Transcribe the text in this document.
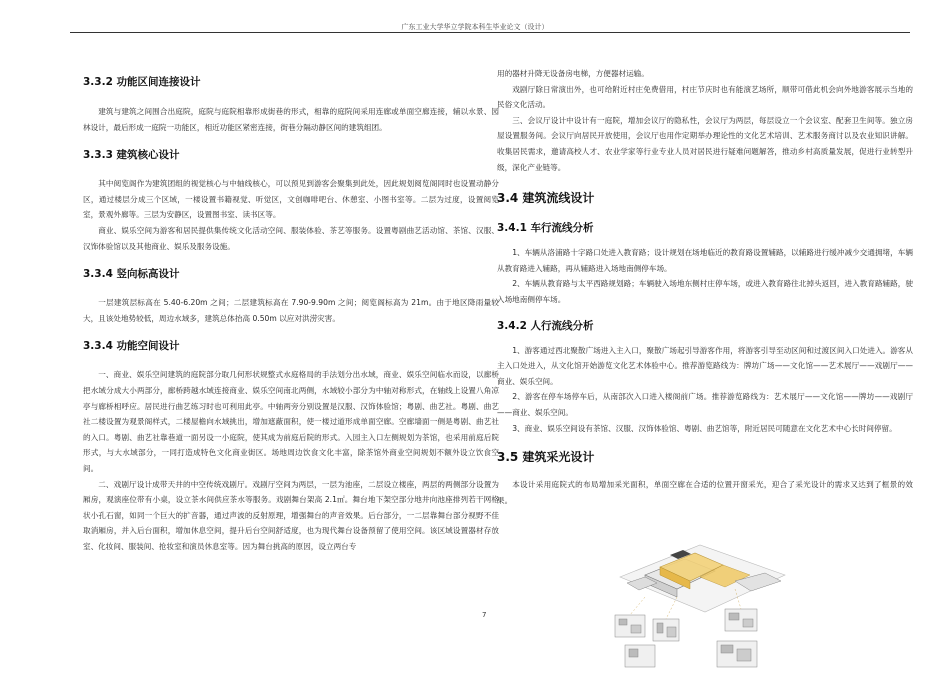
广东工业大学华立学院本科生毕业论文（设计）
3.3.2 功能区间连接设计

建筑与建筑之间围合出庭院，庭院与庭院相靠形成街巷的形式，相靠的庭院间采用连廊或单面空廊连接，辅以水景、园林设计，最后形成一庭院一功能区，相近功能区紧密连接，街巷分隔动静区间的建筑组团。

3.3.3 建筑核心设计

其中阅览阁作为建筑团组的视觉核心与中轴线核心，可以预见到游客会聚集到此处，因此规划阅览阁同时也设置动静分区，通过楼层分成三个区域，一楼设置书籍视觉、听觉区，文创咖啡吧台、休憩室、小图书室等。二层为过度，设置阅览室，景观外廊等。三层为安静区，设置图书室、读书区等。

商业、娱乐空间为游客和居民提供集传统文化活动空间、服装体验、茶艺等服务。设置粤剧曲艺活动馆、茶馆、汉服、汉饰体验馆以及其他商业、娱乐及服务设施。

3.3.4 竖向标高设计

一层建筑层标高在 5.40-6.20m 之间；二层建筑标高在 7.90-9.90m 之间；阅览阁标高为 21m。由于地区降雨量较大，且该处地势较低，周边水域多，建筑总体抬高 0.50m 以应对洪涝灾害。

3.3.4 功能空间设计

一、商业、娱乐空间建筑的庭院部分取几何形状规整式水庭格局的手法划分出水域，商业、娱乐空间临水而设，以廊桥把水域分成大小两部分，廊桥跨越水域连接商业、娱乐空间南北两侧，水域较小部分为中轴对称形式，在轴线上设置八角凉亭与廊桥相呼应。居民进行曲艺练习时也可利用此亭。中轴两旁分别设置是汉服、汉饰体验馆；粤剧、曲艺社。粤剧、曲艺社二楼设置为观景阁样式，二楼屋檐向水域挑出，增加遮蔽面积，使一楼过道形成单面空廊。空廊墙面一侧是粤剧、曲艺社的入口。粤剧、曲艺社靠巷道一面另设一小庭院，使其成为前庭后院的形式。入园主入口左侧规划为茶馆，也采用前庭后院形式，与大水域部分，一同打造成特色文化商业街区。场地周边饮食文化丰富，除茶馆外商业空间规划不额外设立饮食空间。

二、戏剧厅设计成带天井的中空传统戏剧厅。戏剧厅空间为两层，一层为池座，二层设立楼座，两层的两侧部分设置为厢房，观演座位带有小桌，设立茶水间供应茶水等服务。戏剧舞台架高 2.1㎡。舞台地下架空部分地井向池座排列若干网格状小孔石窗，如同一个巨大的扩音器，通过声波的反射原理，增强舞台的声音效果。后台部分，一二层靠舞台部分视野不佳取消厢房，并入后台面积，增加休息空间，提升后台空间舒适度，也为现代舞台设备预留了使用空间。该区域设置器材存放室、化妆间、服装间、抢妆室和演员休息室等。因为舞台挑高的原因，设立两台专

用的器材升降无设备房电梯，方便器材运输。

戏剧厅除日常演出外，也可给附近村庄免费借用，村庄节庆时也有能演艺场所，顺带可借此机会向外地游客展示当地的民俗文化活动。

三、会议厅设计中设计有一庭院，增加会议厅的隐私性，会议厅为两层，每层设立一个会议室、配套卫生间等。独立房屋设置服务间。会议厅向居民开放使用，会议厅也用作定期举办理论性的文化艺术培训、艺术服务商讨以及农业知识讲解。收集居民需求，邀请高校人才、农业学家等行业专业人员对居民进行疑难问题解答，推动乡村高质量发展，促进行业转型升级，深化产业链等。

3.4 建筑流线设计
3.4.1 车行流线分析

1、车辆从洛浦路十字路口处进入教育路；设计规划在场地临近的教育路设置辅路，以辅路进行缓冲减少交通拥堵，车辆从教育路进入辅路，再从辅路进入场地南侧停车场。

2、车辆从教育路与太平西路规划路；车辆驶入场地东侧村庄停车场，或进入教育路往北掉头返回，进入教育路辅路，驶入场地南侧停车场。

3.4.2 人行流线分析

1、游客通过西北聚散广场进入主入口，聚散广场起引导游客作用，将游客引导至动区间和过渡区间入口处进入。游客从主入口处进入，从文化馆开始游览文化艺术体验中心。推荐游览路线为：牌坊广场——文化馆——艺术展厅——戏剧厅——商业、娱乐空间。

2、游客在停车场停车后，从南部次入口进入楼阁前广场。推荐游览路线为：艺术展厅——文化馆——牌坊——戏剧厅——商业、娱乐空间。

3、商业、娱乐空间设有茶馆、汉服、汉饰体验馆、粤剧、曲艺馆等，附近居民可随意在文化艺术中心长时间停留。

3.5 建筑采光设计

本设计采用庭院式的布局增加采光面积，单面空廊在合适的位置开窗采光，迎合了采光设计的需求又达到了框景的效果。

7
